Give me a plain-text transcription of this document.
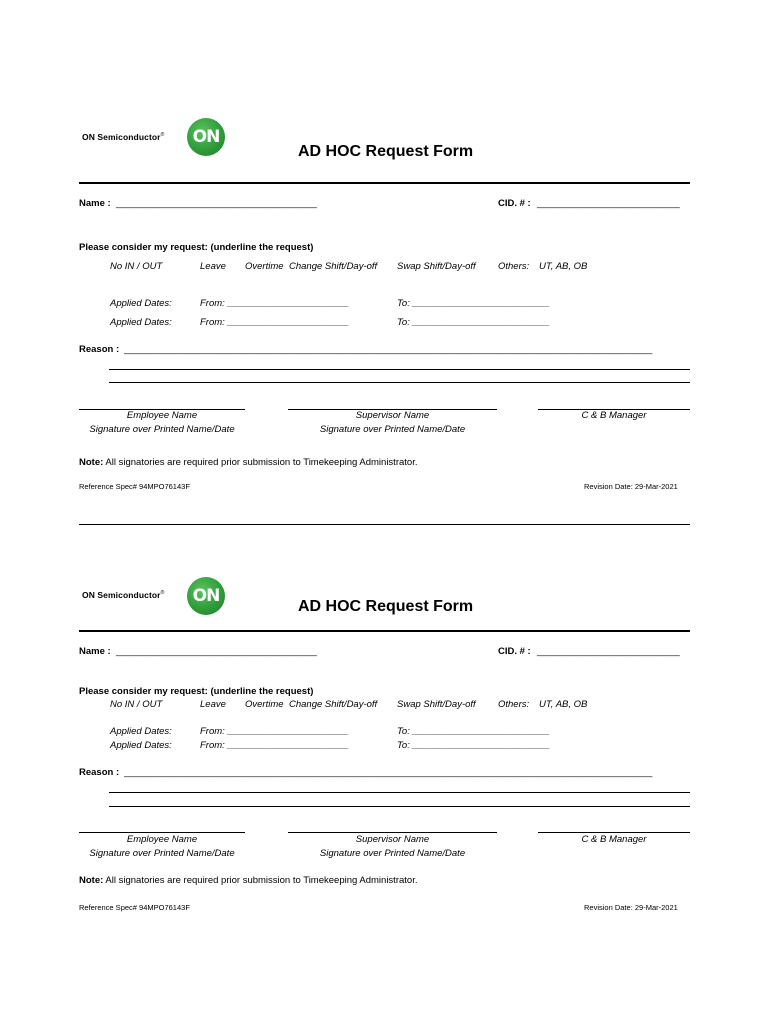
ON Semiconductor®	ON
AD HOC Request Form
Name : ______________________________________	CID. # : ___________________________
Please consider my request: (underline the request)
No IN / OUT	Leave Overtime Change Shift/Day-off Swap Shift/Day-off Others: UT, AB, OB
Applied Dates:	From: _______________________	To: __________________________
Applied Dates:	From: _______________________	To: __________________________
Reason : ____________________________________________________________________________________________________
Employee Name
Signature over Printed Name/Date
Supervisor Name
Signature over Printed Name/Date
C & B Manager
Note: All signatories are required prior submission to Timekeeping Administrator.
Reference Spec# 94MPO76143F	Revision Date: 29-Mar-2021
ON Semiconductor®	ON
AD HOC Request Form
Name : ______________________________________	CID. # : ___________________________
Please consider my request: (underline the request)
No IN / OUT	Leave Overtime Change Shift/Day-off Swap Shift/Day-off Others: UT, AB, OB
Applied Dates:	From: _______________________	To: __________________________
Applied Dates:	From: _______________________	To: __________________________
Reason : ____________________________________________________________________________________________________
Employee Name
Signature over Printed Name/Date
Supervisor Name
Signature over Printed Name/Date
C & B Manager
Note: All signatories are required prior submission to Timekeeping Administrator.
Reference Spec# 94MPO76143F	Revision Date: 29-Mar-2021
